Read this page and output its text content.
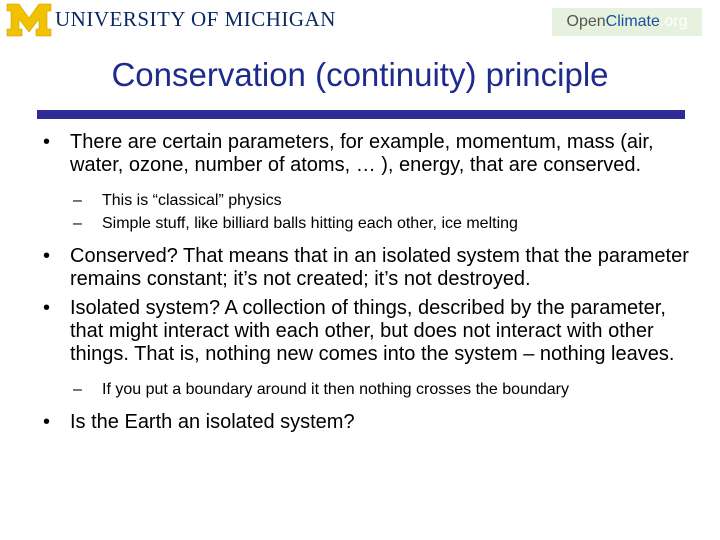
UNIVERSITY OF MICHIGAN	Open Climate .org
Conservation (continuity) principle
• There are certain parameters, for example, momentum, mass (air, water, ozone, number of atoms, … ), energy, that are conserved.
– This is “classical” physics
– Simple stuff, like billiard balls hitting each other, ice melting
• Conserved? That means that in an isolated system that the parameter remains constant; it’s not created; it’s not destroyed.
• Isolated system? A collection of things, described by the parameter, that might interact with each other, but does not interact with other things. That is, nothing new comes into the system – nothing leaves.
– If you put a boundary around it then nothing crosses the boundary
• Is the Earth an isolated system?
